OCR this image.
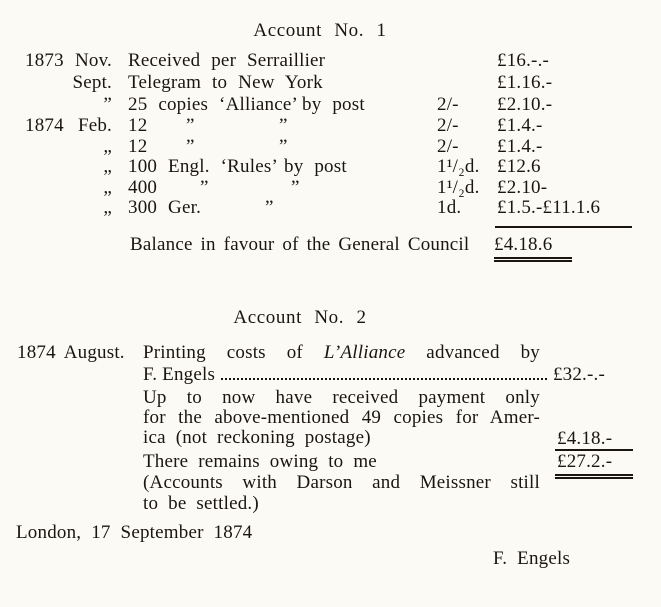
Account No. 1
1873 Nov. Received per Serraillier	£16.-.-
Sept. Telegram to New York	£1.16.-
” 25 copies ‘Alliance’ by post	2/- £2.10.-
1874 Feb. 12 ”	”	2/- £1.4.-
„ 12 ”	”	2/- £1.4.-
„ 100 Engl. ‘Rules’ by post	1¹/₂d. £12.6
„ 400 ”	”	1¹/₂d. £2.10-
„ 300 Ger.	”	1d. £1.5.-£11.1.6
Balance in favour of the General Council £4.18.6
Account No. 2
1874 August. Printing costs of L’Alliance advanced by
F. Engels	£32.-.-
Up to now have received payment only
for the above-mentioned 49 copies for Amer-
ica (not reckoning postage)	£4.18.-
There remains owing to me	£27.2.-
(Accounts with Darson and Meissner still
to be settled.)
London, 17 September 1874
F. Engels
